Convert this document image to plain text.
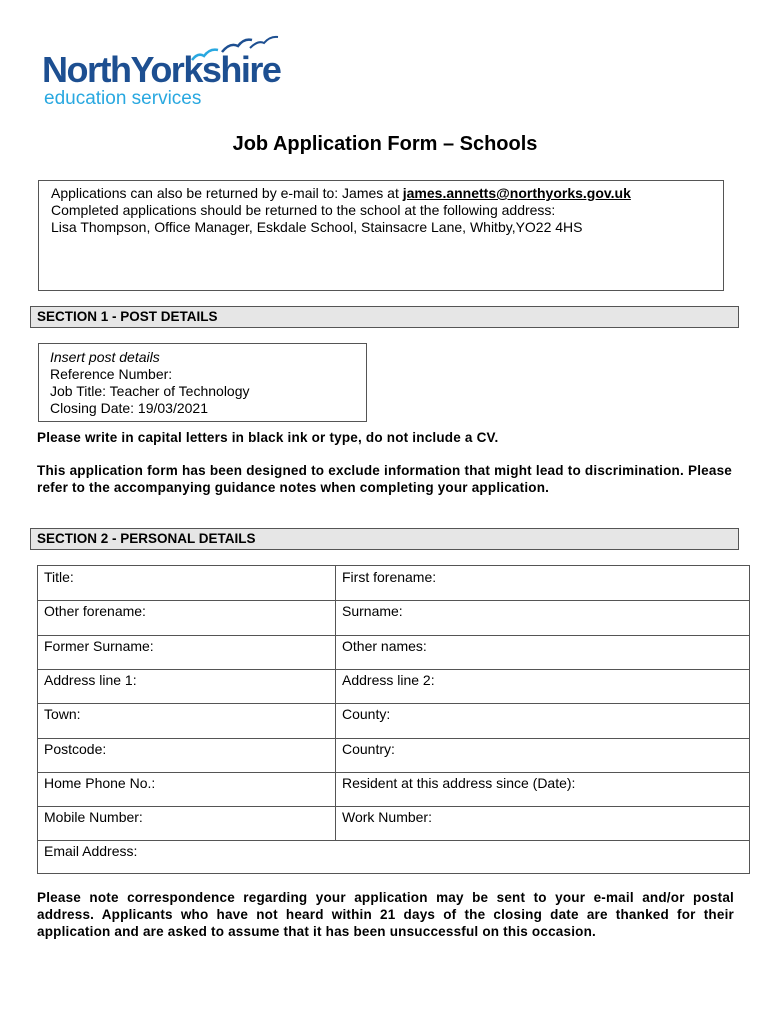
NorthYorkshire
education services
Job Application Form – Schools

Applications can also be returned by e-mail to: James at james.annetts@northyorks.gov.uk

Completed applications should be returned to the school at the following address:

Lisa Thompson, Office Manager, Eskdale School, Stainsacre Lane, Whitby,YO22 4HS

SECTION 1 - POST DETAILS

Insert post details

Reference Number:

Job Title: Teacher of Technology

Closing Date: 19/03/2021

Please write in capital letters in black ink or type, do not include a CV.

This application form has been designed to exclude information that might lead to discrimination. Please refer to the accompanying guidance notes when completing your application.

SECTION 2 - PERSONAL DETAILS
Title:	First forename:
Other forename:	Surname:
Former Surname:	Other names:
Address line 1:	Address line 2:
Town:	County:
Postcode:	Country:
Home Phone No.:	Resident at this address since (Date):
Mobile Number:	Work Number:
Email Address:

Please note correspondence regarding your application may be sent to your e-mail and/or postal address. Applicants who have not heard within 21 days of the closing date are thanked for their application and are asked to assume that it has been unsuccessful on this occasion.
